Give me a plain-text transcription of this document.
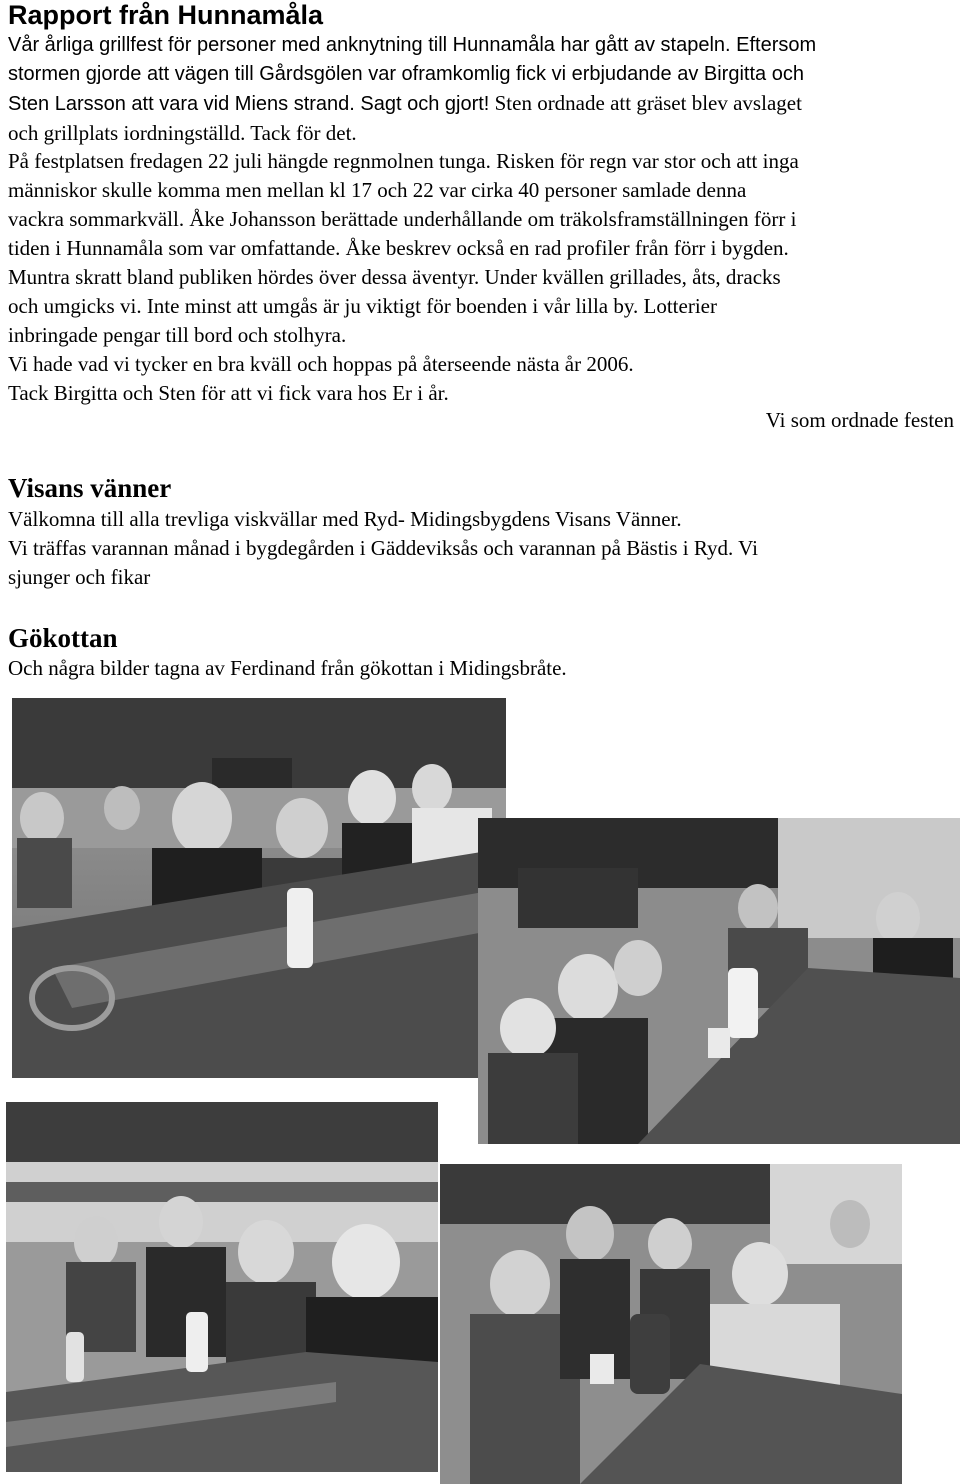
Rapport från Hunnamåla

Vår årliga grillfest för personer med anknytning till Hunnamåla har gått av stapeln. Eftersom

stormen gjorde att vägen till Gårdsgölen var oframkomlig fick vi erbjudande av Birgitta och

Sten Larsson att vara vid Miens strand. Sagt och gjort! Sten ordnade att gräset blev avslaget

och grillplats iordningställd. Tack för det.

På festplatsen fredagen 22 juli hängde regnmolnen tunga. Risken för regn var stor och att inga

människor skulle komma men mellan kl 17 och 22 var cirka 40 personer samlade denna

vackra sommarkväll. Åke Johansson berättade underhållande om träkolsframställningen förr i

tiden i Hunnamåla som var omfattande. Åke beskrev också en rad profiler från förr i bygden.

Muntra skratt bland publiken hördes över dessa äventyr. Under kvällen grillades, åts, dracks

och umgicks vi. Inte minst att umgås är ju viktigt för boenden i vår lilla by. Lotterier

inbringade pengar till bord och stolhyra.

Vi hade vad vi tycker en bra kväll och hoppas på återseende nästa år 2006.

Tack Birgitta och Sten för att vi fick vara hos Er i år.

Vi som ordnade festen
Visans vänner

Välkomna till alla trevliga viskvällar med Ryd- Midingsbygdens Visans Vänner.

Vi träffas varannan månad i bygdegården i Gäddeviksås och varannan på Bästis i Ryd. Vi

sjunger och fikar

Gökottan

Och några bilder tagna av Ferdinand från gökottan i Midingsbråte.
